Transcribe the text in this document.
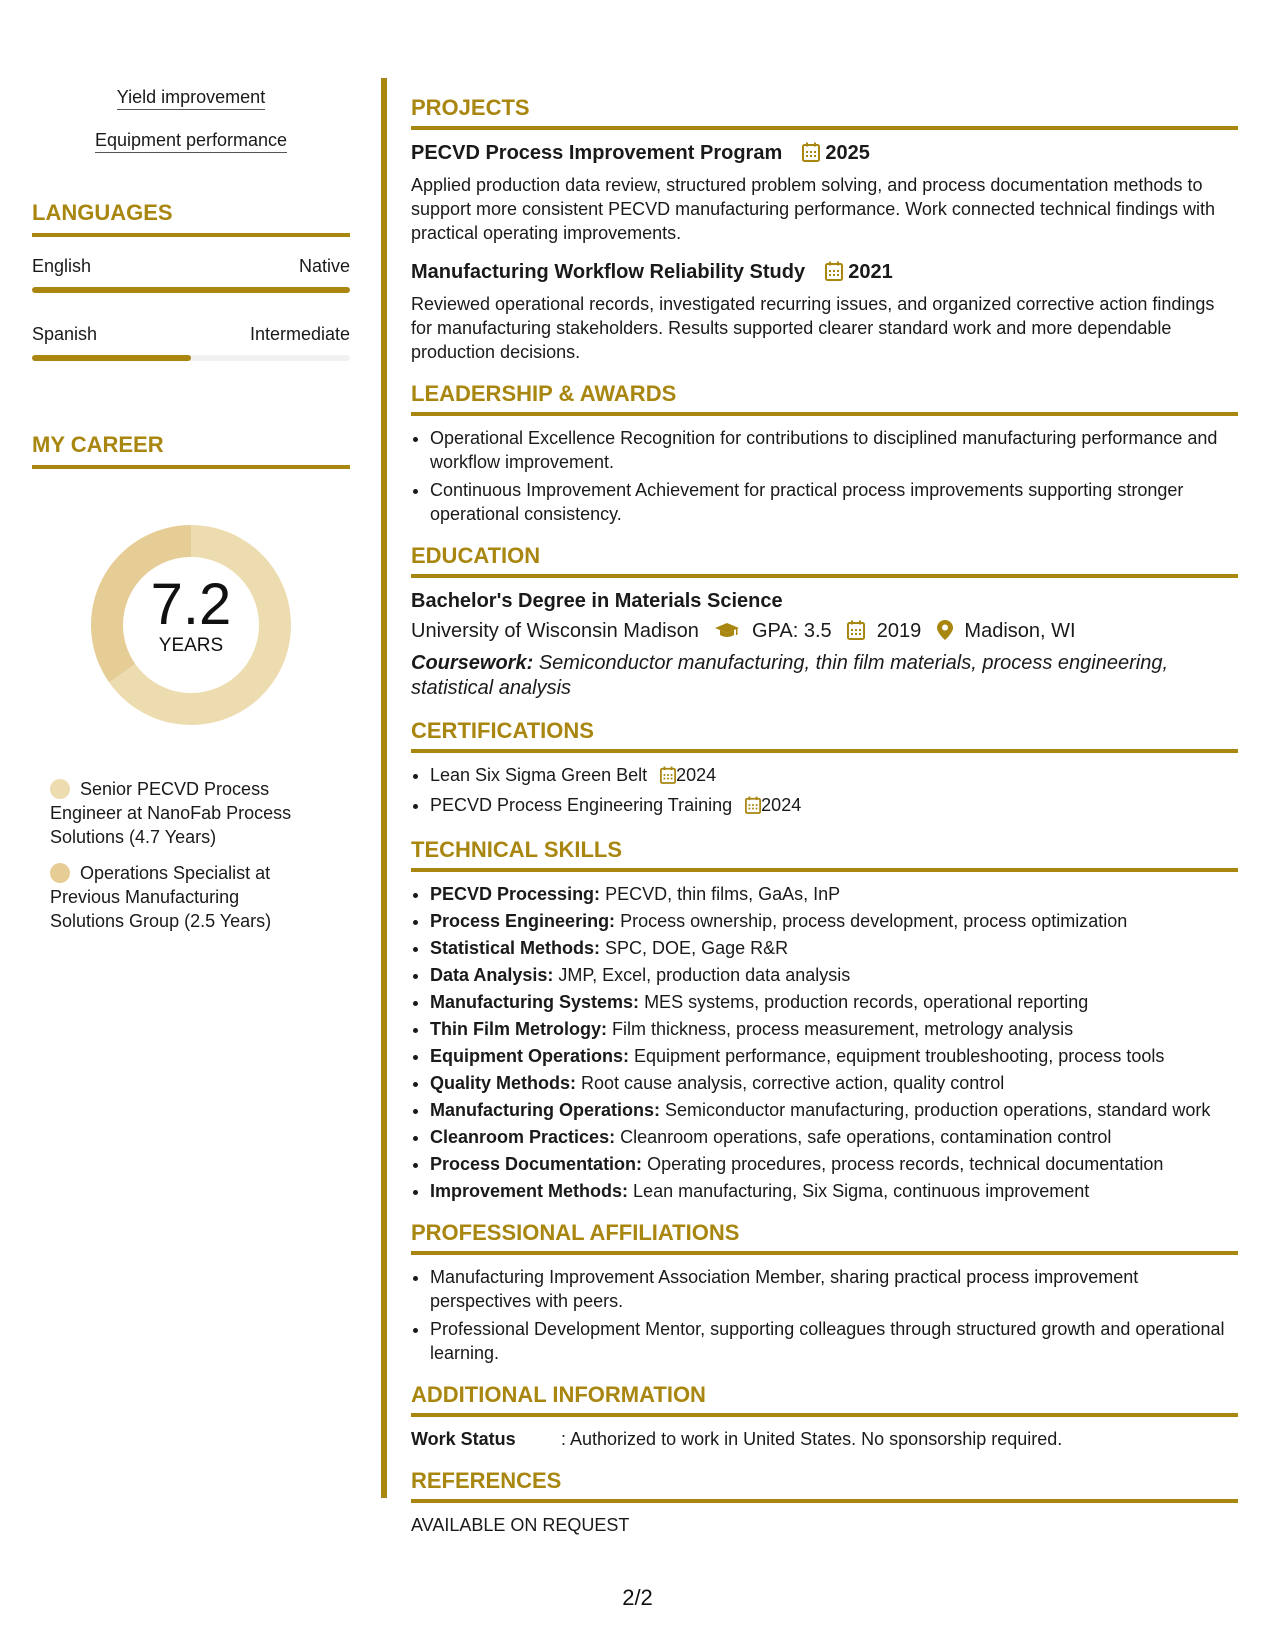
Yield improvement
Equipment performance
LANGUAGES
English	Native
Spanish	Intermediate
MY CAREER
7.2
YEARS
Senior PECVD Process Engineer at NanoFab Process Solutions (4.7 Years)
Operations Specialist at Previous Manufacturing Solutions Group (2.5 Years)
PROJECTS
PECVD Process Improvement Program 2025
Applied production data review, structured problem solving, and process documentation methods to support more consistent PECVD manufacturing performance. Work connected technical findings with practical operating improvements.
Manufacturing Workflow Reliability Study 2021
Reviewed operational records, investigated recurring issues, and organized corrective action findings for manufacturing stakeholders. Results supported clearer standard work and more dependable production decisions.
LEADERSHIP & AWARDS
• Operational Excellence Recognition for contributions to disciplined manufacturing performance and workflow improvement.
• Continuous Improvement Achievement for practical process improvements supporting stronger operational consistency.
EDUCATION
Bachelor's Degree in Materials Science
University of Wisconsin Madison	GPA: 3.5 2019 Madison, WI
Coursework: Semiconductor manufacturing, thin film materials, process engineering, statistical analysis
CERTIFICATIONS
• Lean Six Sigma Green Belt 2024
• PECVD Process Engineering Training 2024
TECHNICAL SKILLS
• PECVD Processing: PECVD, thin films, GaAs, InP
• Process Engineering: Process ownership, process development, process optimization
• Statistical Methods: SPC, DOE, Gage R&R
• Data Analysis: JMP, Excel, production data analysis
• Manufacturing Systems: MES systems, production records, operational reporting
• Thin Film Metrology: Film thickness, process measurement, metrology analysis
• Equipment Operations: Equipment performance, equipment troubleshooting, process tools
• Quality Methods: Root cause analysis, corrective action, quality control
• Manufacturing Operations: Semiconductor manufacturing, production operations, standard work
• Cleanroom Practices: Cleanroom operations, safe operations, contamination control
• Process Documentation: Operating procedures, process records, technical documentation
• Improvement Methods: Lean manufacturing, Six Sigma, continuous improvement
PROFESSIONAL AFFILIATIONS
• Manufacturing Improvement Association Member, sharing practical process improvement perspectives with peers.
• Professional Development Mentor, supporting colleagues through structured growth and operational learning.
ADDITIONAL INFORMATION
Work Status	: Authorized to work in United States. No sponsorship required.
REFERENCES
AVAILABLE ON REQUEST
2/2
